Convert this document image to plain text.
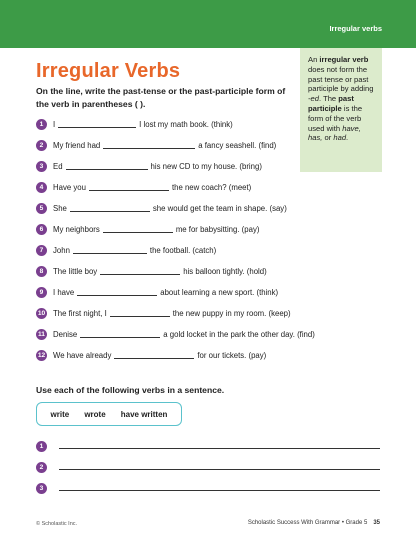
Irregular verbs
Irregular Verbs
An irregular verb does not form the past tense or past participle by adding -ed. The past participle is the form of the verb used with have, has, or had.
On the line, write the past-tense or the past-participle form of the verb in parentheses ( ).
1	I	I lost my math book. (think)
2	My friend had	a fancy seashell. (find)
3	Ed	his new CD to my house. (bring)
4	Have you	the new coach? (meet)
5	She	she would get the team in shape. (say)
6	My neighbors	me for babysitting. (pay)
7	John	the football. (catch)
8	The little boy	his balloon tightly. (hold)
9	I have	about learning a new sport. (think)
10 The first night, I	the new puppy in my room. (keep)
11 Denise	a gold locket in the park the other day. (find)
12 We have already	for our tickets. (pay)
Use each of the following verbs in a sentence.
write wrote have written
1
2
3
© Scholastic Inc.	Scholastic Success With Grammar • Grade 5 35
